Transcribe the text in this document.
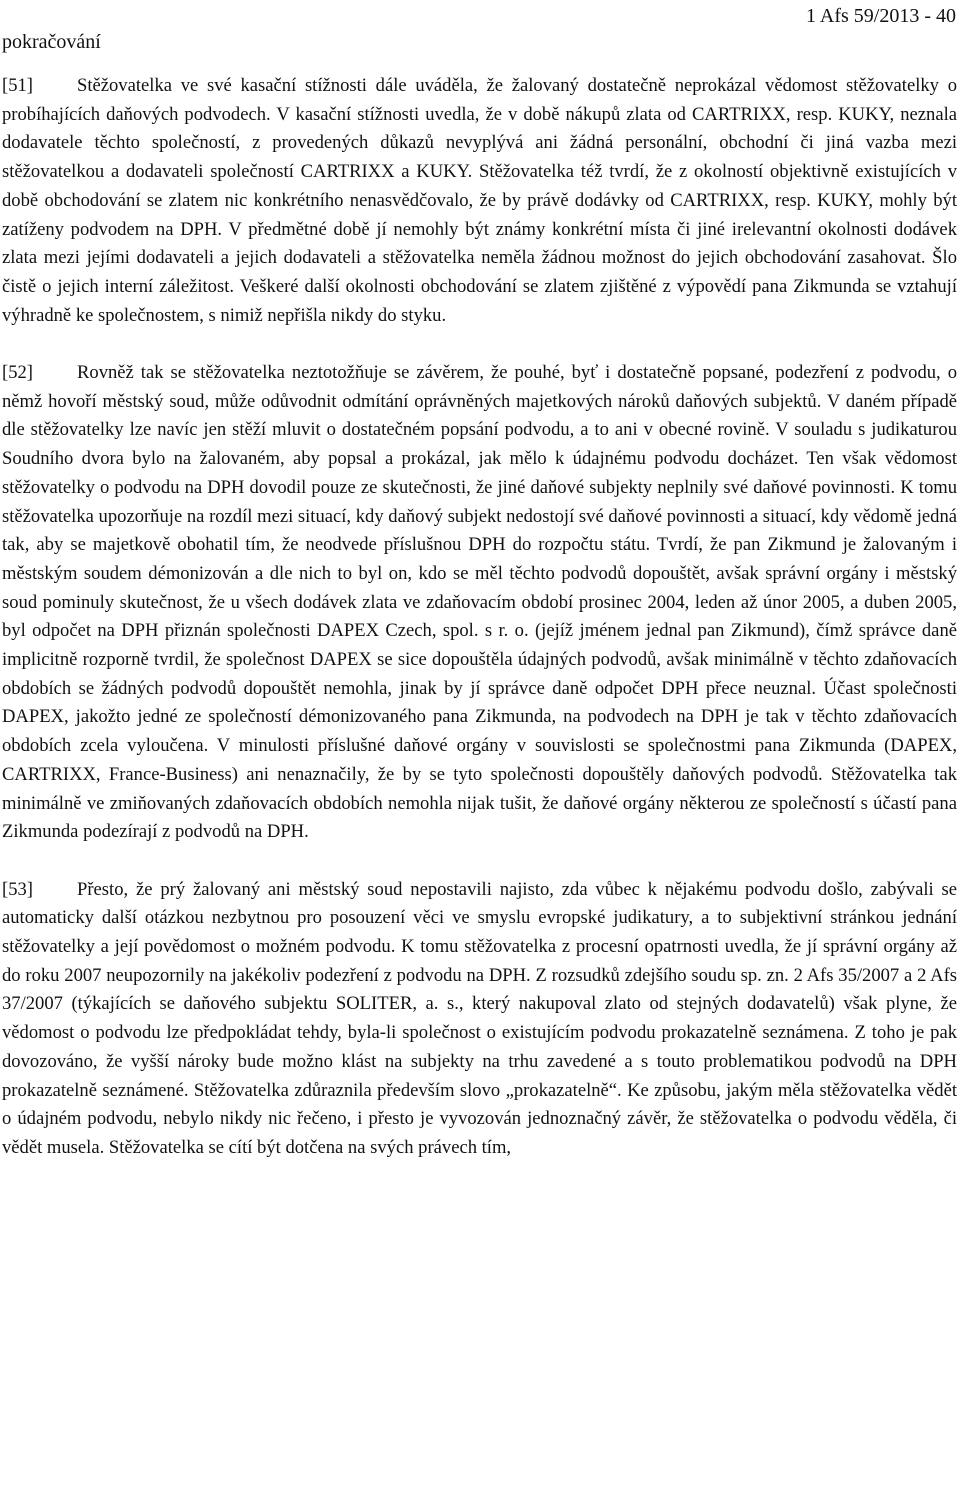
pokračování
1 Afs 59/2013 - 40

[51] Stěžovatelka ve své kasační stížnosti dále uváděla, že žalovaný dostatečně neprokázal vědomost stěžovatelky o probíhajících daňových podvodech. V kasační stížnosti uvedla, že v době nákupů zlata od CARTRIXX, resp. KUKY, neznala dodavatele těchto společností, z provedených důkazů nevyplývá ani žádná personální, obchodní či jiná vazba mezi stěžovatelkou a dodavateli společností CARTRIXX a KUKY. Stěžovatelka též tvrdí, že z okolností objektivně existujících v době obchodování se zlatem nic konkrétního nenasvědčovalo, že by právě dodávky od CARTRIXX, resp. KUKY, mohly být zatíženy podvodem na DPH. V předmětné době jí nemohly být známy konkrétní místa či jiné irelevantní okolnosti dodávek zlata mezi jejími dodavateli a jejich dodavateli a stěžovatelka neměla žádnou možnost do jejich obchodování zasahovat. Šlo čistě o jejich interní záležitost. Veškeré další okolnosti obchodování se zlatem zjištěné z výpovědí pana Zikmunda se vztahují výhradně ke společnostem, s nimiž nepřišla nikdy do styku.

[52] Rovněž tak se stěžovatelka neztotožňuje se závěrem, že pouhé, byť i dostatečně popsané, podezření z podvodu, o němž hovoří městský soud, může odůvodnit odmítání oprávněných majetkových nároků daňových subjektů. V daném případě dle stěžovatelky lze navíc jen stěží mluvit o dostatečném popsání podvodu, a to ani v obecné rovině. V souladu s judikaturou Soudního dvora bylo na žalovaném, aby popsal a prokázal, jak mělo k údajnému podvodu docházet. Ten však vědomost stěžovatelky o podvodu na DPH dovodil pouze ze skutečnosti, že jiné daňové subjekty neplnily své daňové povinnosti. K tomu stěžovatelka upozorňuje na rozdíl mezi situací, kdy daňový subjekt nedostojí své daňové povinnosti a situací, kdy vědomě jedná tak, aby se majetkově obohatil tím, že neodvede příslušnou DPH do rozpočtu státu. Tvrdí, že pan Zikmund je žalovaným i městským soudem démonizován a dle nich to byl on, kdo se měl těchto podvodů dopouštět, avšak správní orgány i městský soud pominuly skutečnost, že u všech dodávek zlata ve zdaňovacím období prosinec 2004, leden až únor 2005, a duben 2005, byl odpočet na DPH přiznán společnosti DAPEX Czech, spol. s r. o. (jejíž jménem jednal pan Zikmund), čímž správce daně implicitně rozporně tvrdil, že společnost DAPEX se sice dopouštěla údajných podvodů, avšak minimálně v těchto zdaňovacích obdobích se žádných podvodů dopouštět nemohla, jinak by jí správce daně odpočet DPH přece neuznal. Účast společnosti DAPEX, jakožto jedné ze společností démonizovaného pana Zikmunda, na podvodech na DPH je tak v těchto zdaňovacích obdobích zcela vyloučena. V minulosti příslušné daňové orgány v souvislosti se společnostmi pana Zikmunda (DAPEX, CARTRIXX, France-Business) ani nenaznačily, že by se tyto společnosti dopouštěly daňových podvodů. Stěžovatelka tak minimálně ve zmiňovaných zdaňovacích obdobích nemohla nijak tušit, že daňové orgány některou ze společností s účastí pana Zikmunda podezírají z podvodů na DPH.

[53] Přesto, že prý žalovaný ani městský soud nepostavili najisto, zda vůbec k nějakému podvodu došlo, zabývali se automaticky další otázkou nezbytnou pro posouzení věci ve smyslu evropské judikatury, a to subjektivní stránkou jednání stěžovatelky a její povědomost o možném podvodu. K tomu stěžovatelka z procesní opatrnosti uvedla, že jí správní orgány až do roku 2007 neupozornily na jakékoliv podezření z podvodu na DPH. Z rozsudků zdejšího soudu sp. zn. 2 Afs 35/2007 a 2 Afs 37/2007 (týkajících se daňového subjektu SOLITER, a. s., který nakupoval zlato od stejných dodavatelů) však plyne, že vědomost o podvodu lze předpokládat tehdy, byla-li společnost o existujícím podvodu prokazatelně seznámena. Z toho je pak dovozováno, že vyšší nároky bude možno klást na subjekty na trhu zavedené a s touto problematikou podvodů na DPH prokazatelně seznámené. Stěžovatelka zdůraznila především slovo „prokazatelně“. Ke způsobu, jakým měla stěžovatelka vědět o údajném podvodu, nebylo nikdy nic řečeno, i přesto je vyvozován jednoznačný závěr, že stěžovatelka o podvodu věděla, či vědět musela. Stěžovatelka se cítí být dotčena na svých právech tím,
